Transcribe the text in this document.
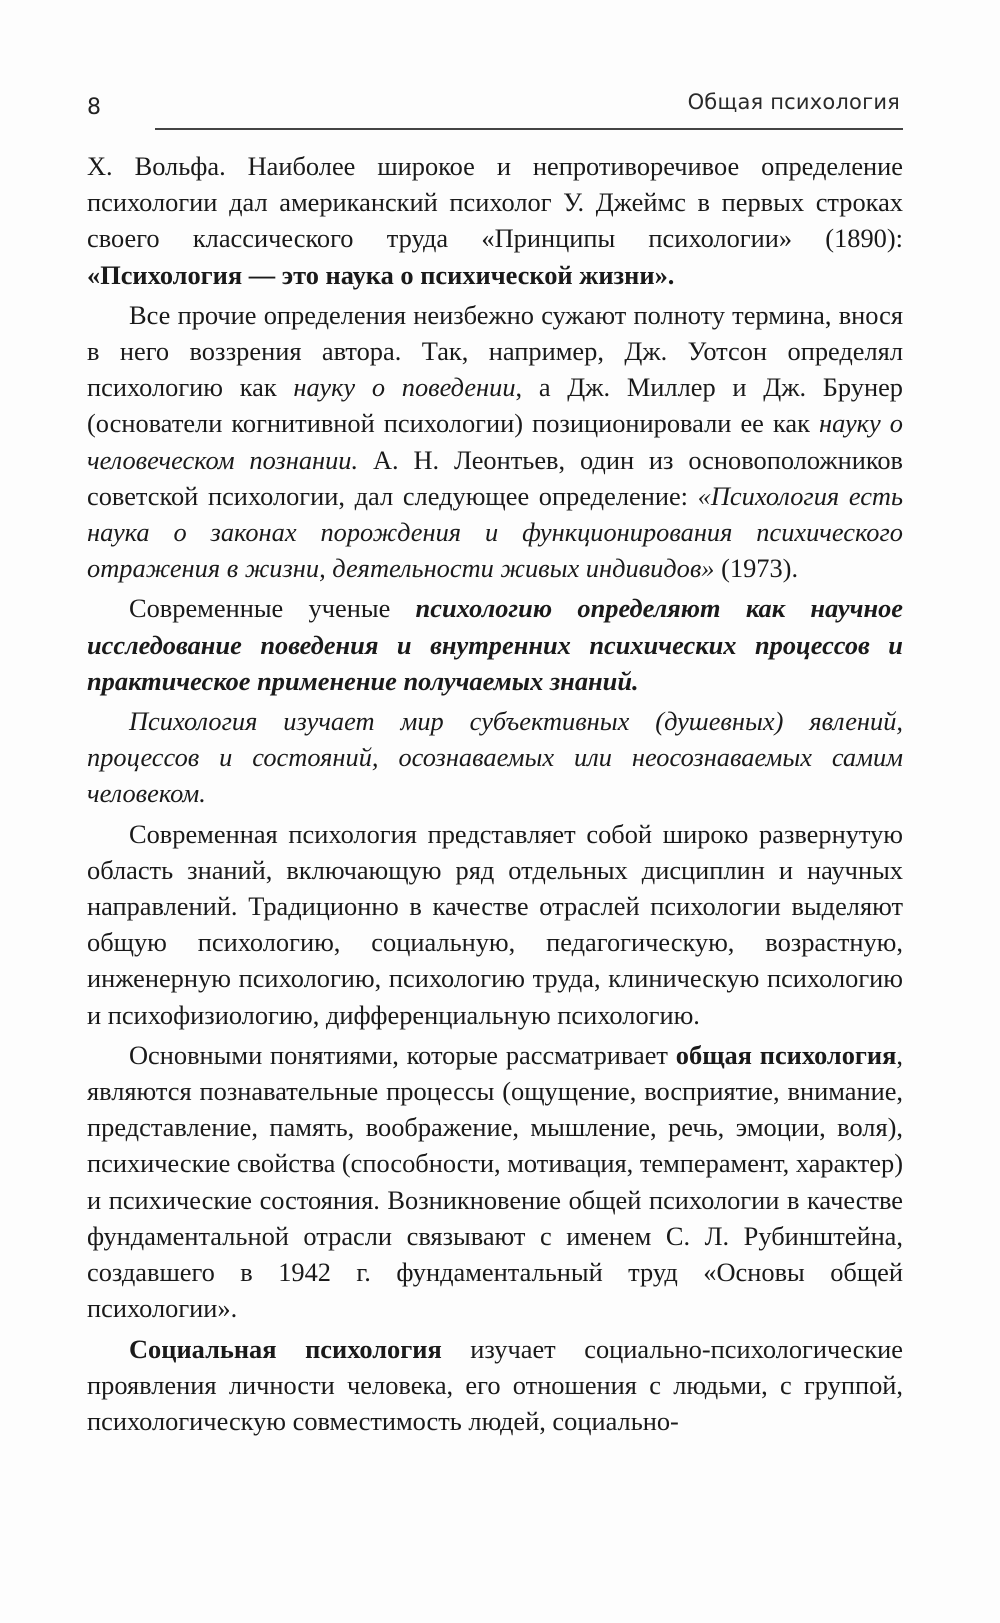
8	Общая психология

Х. Вольфа. Наиболее широкое и непротиворечивое определение психологии дал американский психолог У. Джеймс в первых строках своего классического труда «Принципы психологии» (1890): «Психология — это наука о психической жизни».

Все прочие определения неизбежно сужают полноту термина, внося в него воззрения автора. Так, например, Дж. Уотсон определял психологию как науку о поведении, а Дж. Миллер и Дж. Брунер (основатели когнитивной психологии) позиционировали ее как науку о человеческом познании. А. Н. Леонтьев, один из основоположников советской психологии, дал следующее определение: «Психология есть наука о законах порождения и функционирования психического отражения в жизни, деятельности живых индивидов» (1973).

Современные ученые психологию определяют как научное исследование поведения и внутренних психических процессов и практическое применение получаемых знаний.

Психология изучает мир субъективных (душевных) явлений, процессов и состояний, осознаваемых или неосознаваемых самим человеком.

Современная психология представляет собой широко развернутую область знаний, включающую ряд отдельных дисциплин и научных направлений. Традиционно в качестве отраслей психологии выделяют общую психологию, социальную, педагогическую, возрастную, инженерную психологию, психологию труда, клиническую психологию и психофизиологию, дифференциальную психологию.

Основными понятиями, которые рассматривает общая психология, являются познавательные процессы (ощущение, восприятие, внимание, представление, память, воображение, мышление, речь, эмоции, воля), психические свойства (способности, мотивация, темперамент, характер) и психические состояния. Возникновение общей психологии в качестве фундаментальной отрасли связывают с именем С. Л. Рубинштейна, создавшего в 1942 г. фундаментальный труд «Основы общей психологии».

Социальная психология изучает социально-психологические проявления личности человека, его отношения с людьми, с группой, психологическую совместимость людей, социально-
